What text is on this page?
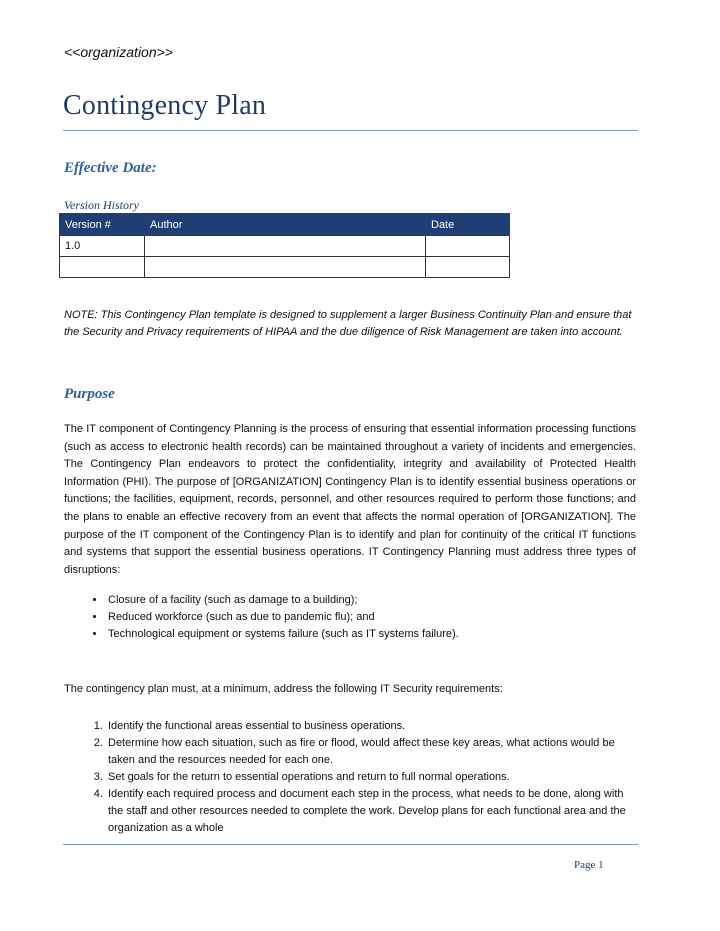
<<organization>>
Contingency Plan
Effective Date:
Version History
Version #	Author	Date
1.0		

NOTE: This Contingency Plan template is designed to supplement a larger Business Continuity Plan and ensure that the Security and Privacy requirements of HIPAA and the due diligence of Risk Management are taken into account.
Purpose
The IT component of Contingency Planning is the process of ensuring that essential information processing functions (such as access to electronic health records) can be maintained throughout a variety of incidents and emergencies. The Contingency Plan endeavors to protect the confidentiality, integrity and availability of Protected Health Information (PHI). The purpose of [ORGANIZATION] Contingency Plan is to identify essential business operations or functions; the facilities, equipment, records, personnel, and other resources required to perform those functions; and the plans to enable an effective recovery from an event that affects the normal operation of [ORGANIZATION]. The purpose of the IT component of the Contingency Plan is to identify and plan for continuity of the critical IT functions and systems that support the essential business operations. IT Contingency Planning must address three types of disruptions:
• Closure of a facility (such as damage to a building);
• Reduced workforce (such as due to pandemic flu); and
• Technological equipment or systems failure (such as IT systems failure).
The contingency plan must, at a minimum, address the following IT Security requirements:
1. Identify the functional areas essential to business operations.
2. Determine how each situation, such as fire or flood, would affect these key areas, what actions would be taken and the resources needed for each one.
3. Set goals for the return to essential operations and return to full normal operations.
4. Identify each required process and document each step in the process, what needs to be done, along with the staff and other resources needed to complete the work. Develop plans for each functional area and the organization as a whole
Page 1
